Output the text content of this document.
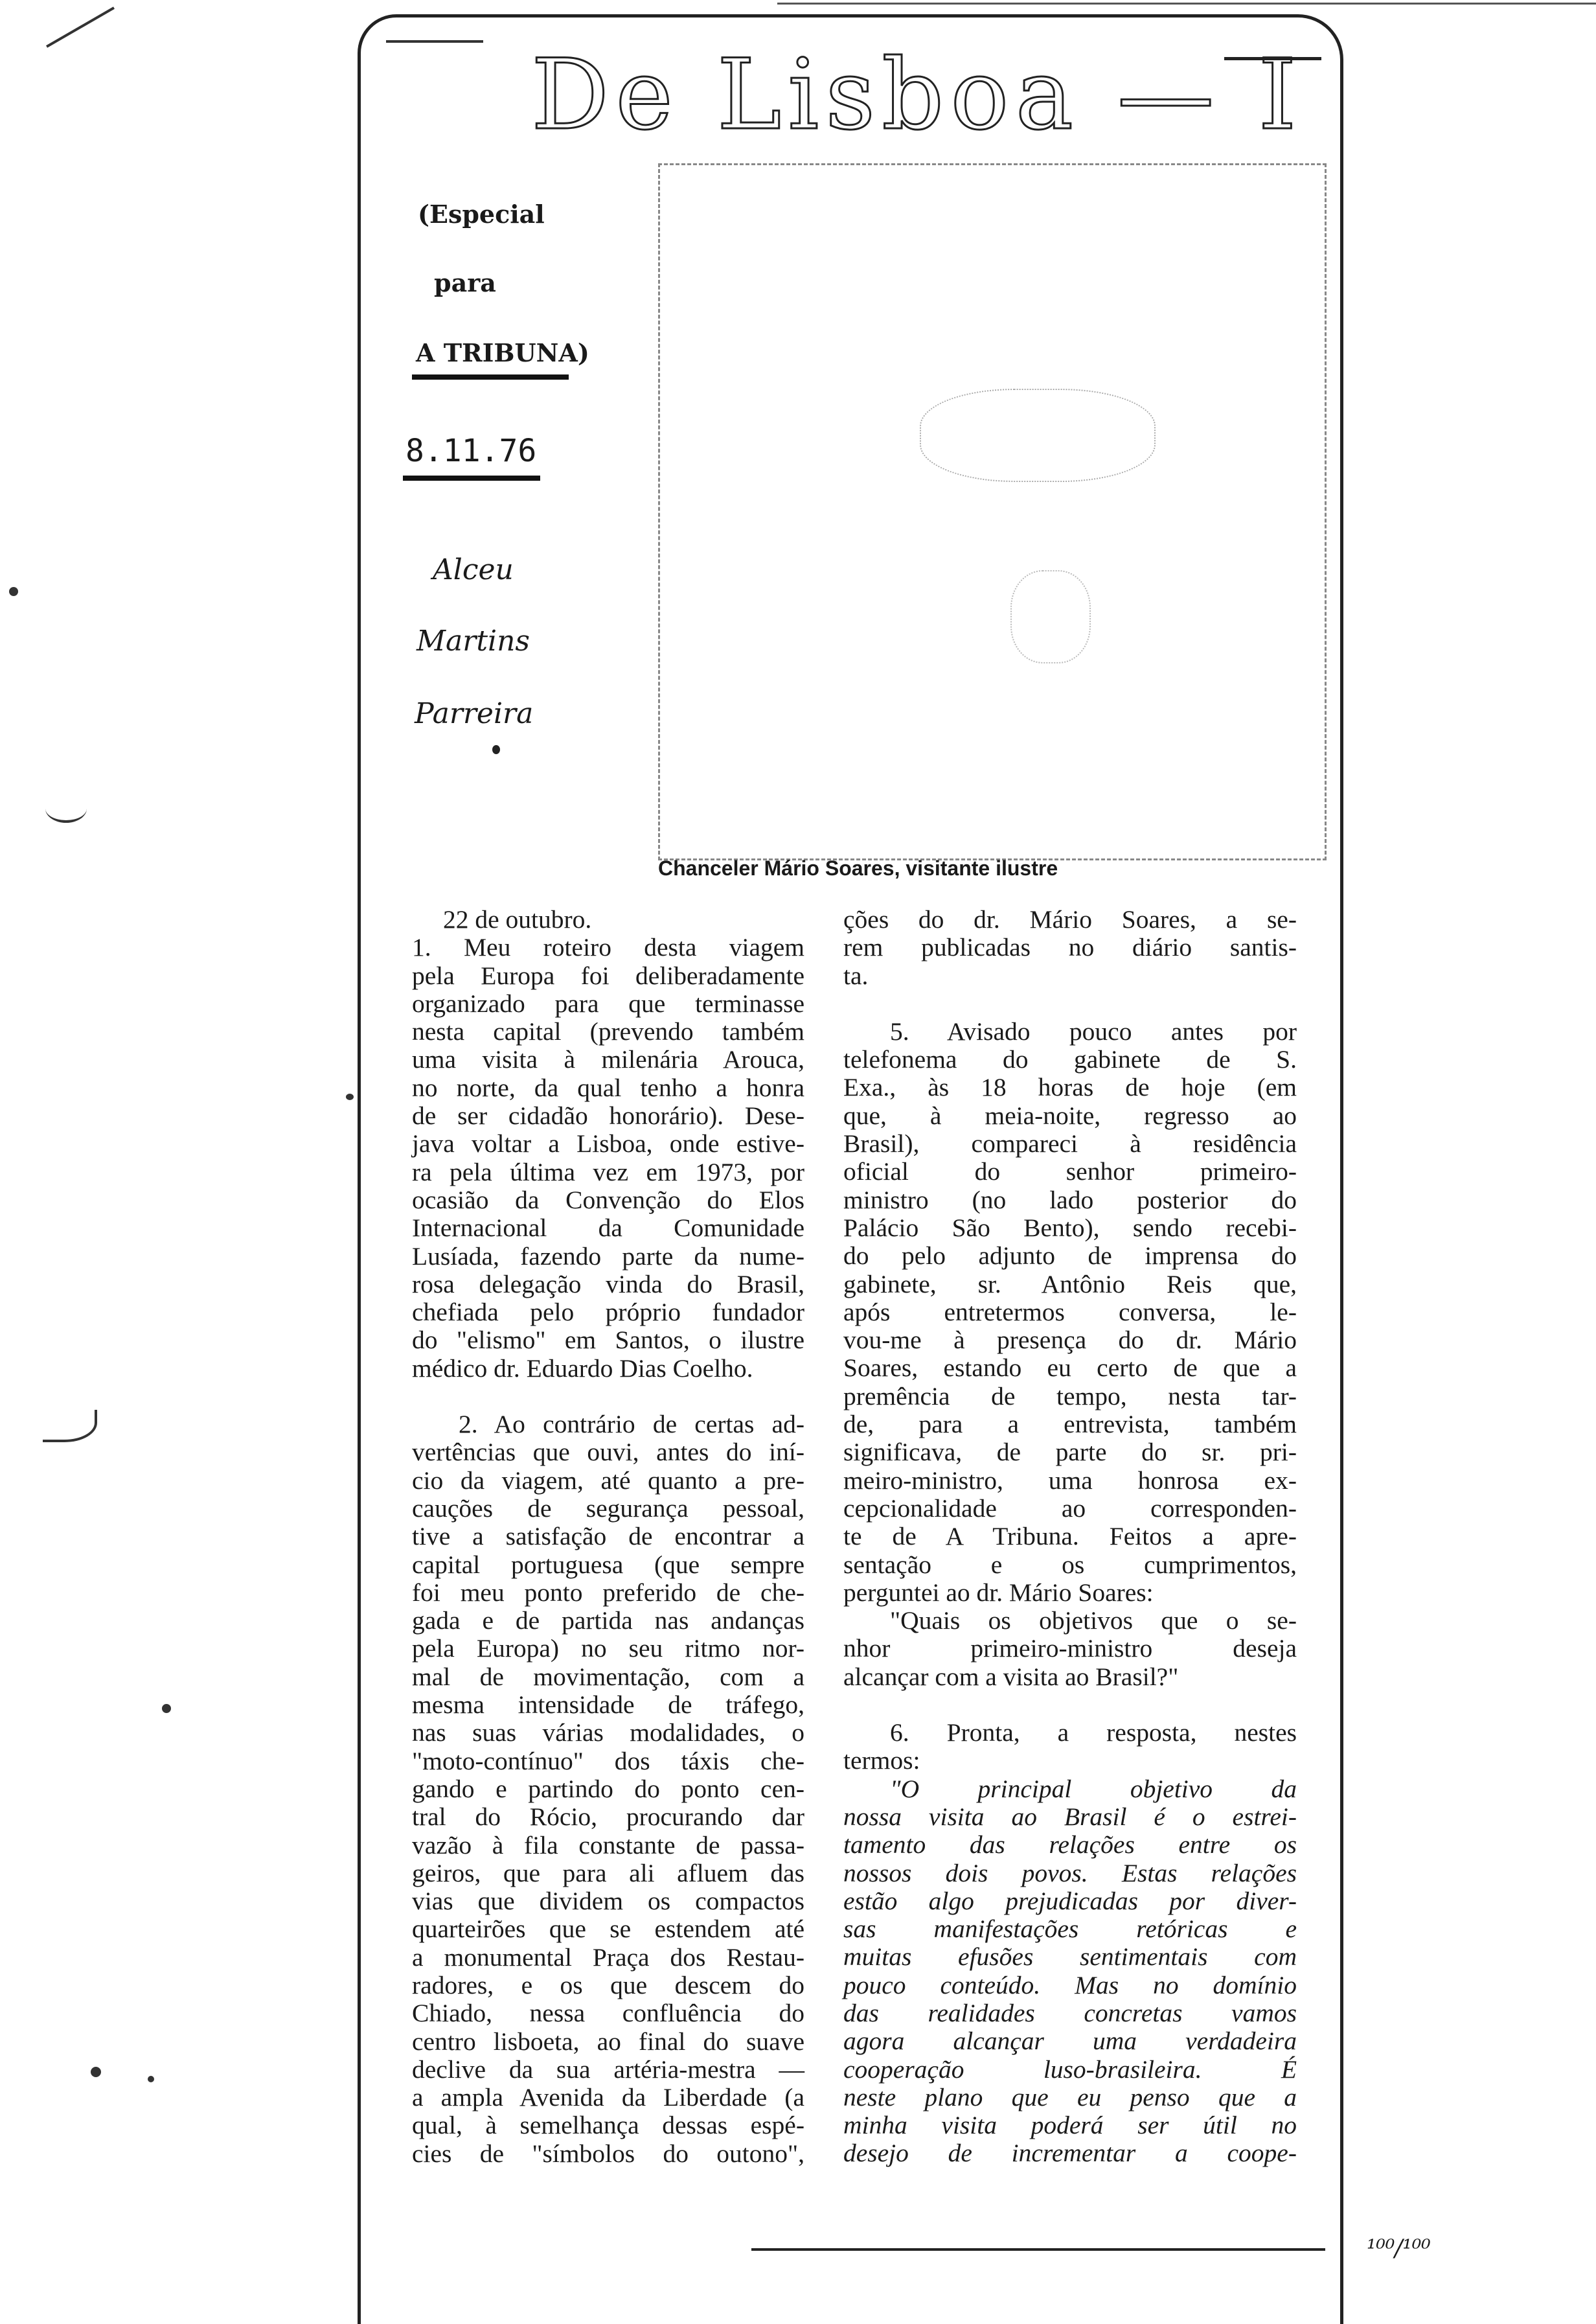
De Lisboa — I
(Especial
para
A TRIBUNA)
8.11.76
Alceu
Martins
Parreira
Chanceler Mário Soares, visitante ilustre
22 de outubro.
1. Meu roteiro desta viagem
pela Europa foi deliberadamente
organizado para que terminasse
nesta capital (prevendo também
uma visita à milenária Arouca,
no norte, da qual tenho a honra
de ser cidadão honorário). Dese-
java voltar a Lisboa, onde estive-
ra pela última vez em 1973, por
ocasião da Convenção do Elos
Internacional da Comunidade
Lusíada, fazendo parte da nume-
rosa delegação vinda do Brasil,
chefiada pelo próprio fundador
do "elismo" em Santos, o ilustre
médico dr. Eduardo Dias Coelho.
2. Ao contrário de certas ad-
vertências que ouvi, antes do iní-
cio da viagem, até quanto a pre-
cauções de segurança pessoal,
tive a satisfação de encontrar a
capital portuguesa (que sempre
foi meu ponto preferido de che-
gada e de partida nas andanças
pela Europa) no seu ritmo nor-
mal de movimentação, com a
mesma intensidade de tráfego,
nas suas várias modalidades, o
"moto-contínuo" dos táxis che-
gando e partindo do ponto cen-
tral do Rócio, procurando dar
vazão à fila constante de passa-
geiros, que para ali afluem das
vias que dividem os compactos
quarteirões que se estendem até
a monumental Praça dos Restau-
radores, e os que descem do
Chiado, nessa confluência do
centro lisboeta, ao final do suave
declive da sua artéria-mestra —
a ampla Avenida da Liberdade (a
qual, à semelhança dessas espé-
cies de "símbolos do outono",
ções do dr. Mário Soares, a se-
rem publicadas no diário santis-
ta.
5. Avisado pouco antes por
telefonema do gabinete de S.
Exa., às 18 horas de hoje (em
que, à meia-noite, regresso ao
Brasil), compareci à residência
oficial do senhor primeiro-
ministro (no lado posterior do
Palácio São Bento), sendo recebi-
do pelo adjunto de imprensa do
gabinete, sr. Antônio Reis que,
após entretermos conversa, le-
vou-me à presença do dr. Mário
Soares, estando eu certo de que a
premência de tempo, nesta tar-
de, para a entrevista, também
significava, de parte do sr. pri-
meiro-ministro, uma honrosa ex-
cepcionalidade ao corresponden-
te de A Tribuna. Feitos a apre-
sentação e os cumprimentos,
perguntei ao dr. Mário Soares:
"Quais os objetivos que o se-
nhor primeiro-ministro deseja
alcançar com a visita ao Brasil?"
6. Pronta, a resposta, nestes
termos:
"O principal objetivo da
nossa visita ao Brasil é o estrei-
tamento das relações entre os
nossos dois povos. Estas relações
estão algo prejudicadas por diver-
sas manifestações retóricas e
muitas efusões sentimentais com
pouco conteúdo. Mas no domínio
das realidades concretas vamos
agora alcançar uma verdadeira
cooperação luso-brasileira. É
neste plano que eu penso que a
minha visita poderá ser útil no
desejo de incrementar a coope-
¹⁰⁰/¹⁰⁰
